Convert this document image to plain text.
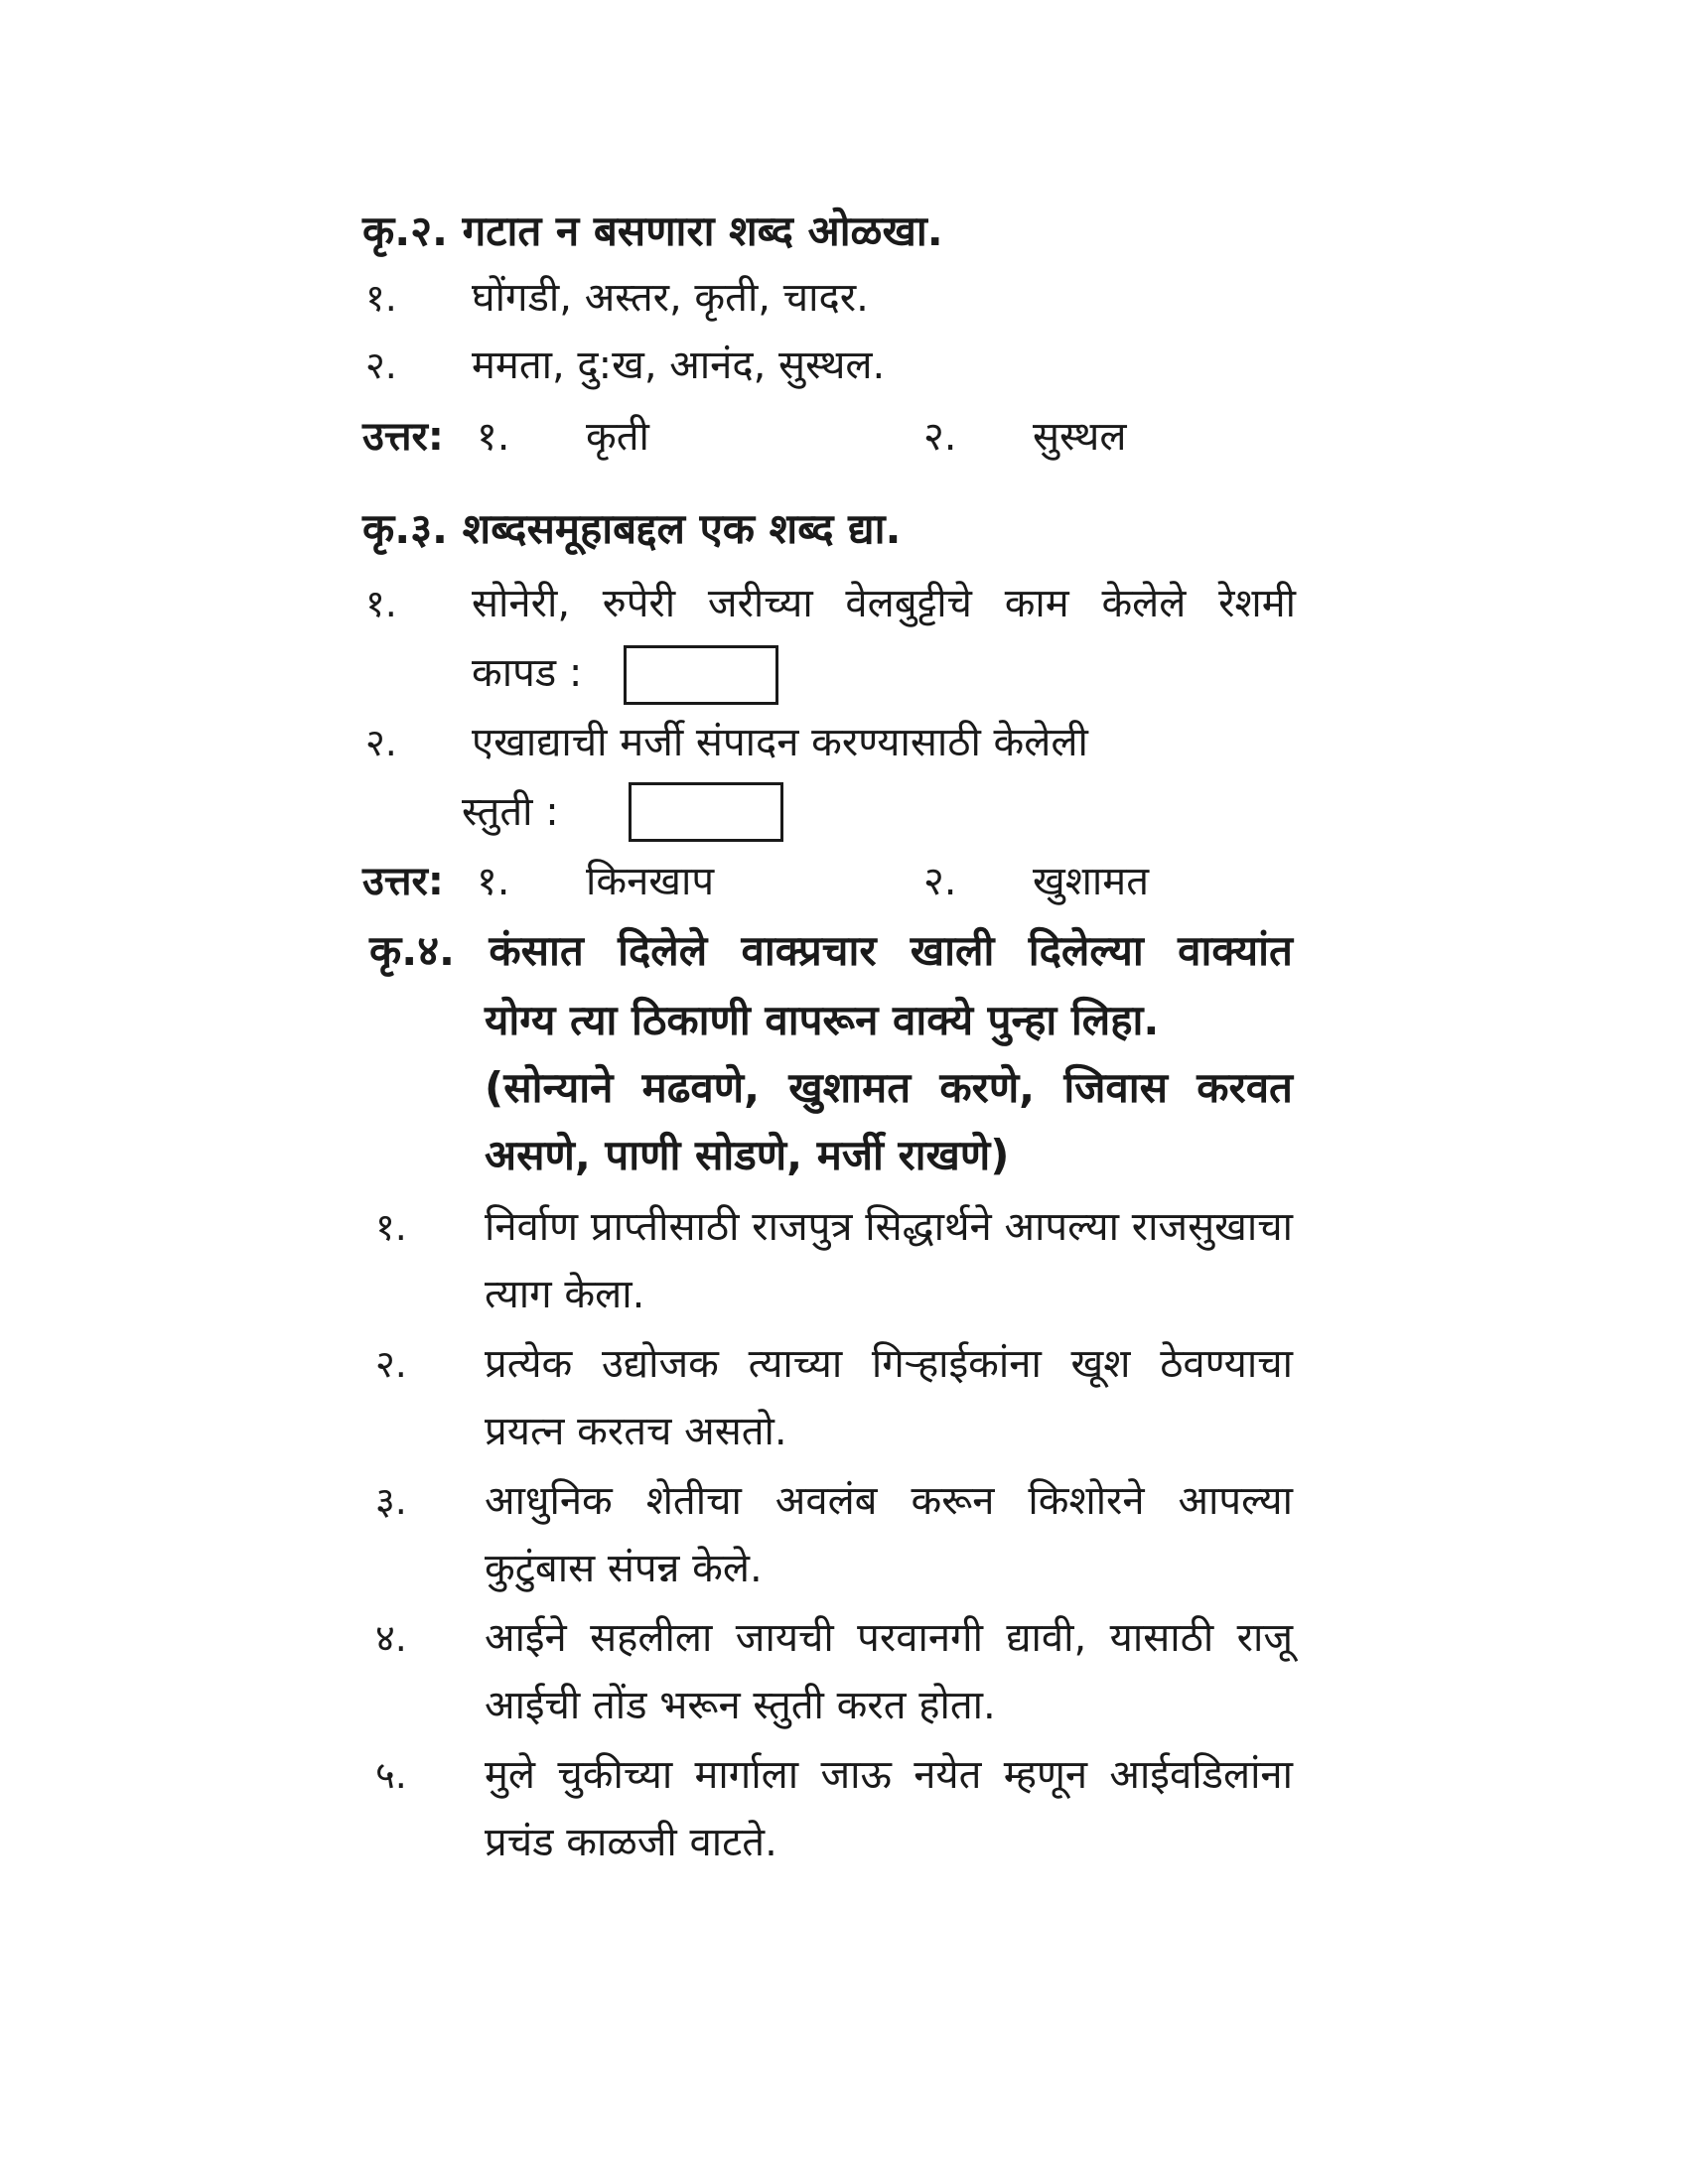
कृ.२. गटात न बसणारा शब्द ओळखा.
१. घोंगडी, अस्तर, कृती, चादर.
२. ममता, दु:ख, आनंद, सुस्थल.
उत्तर: १. कृती	२. सुस्थल
कृ.३. शब्दसमूहाबद्दल एक शब्द द्या.
१. सोनेरी, रुपेरी जरीच्या वेलबुट्टीचे काम केलेले रेशमी
कापड :
२. एखाद्याची मर्जी संपादन करण्यासाठी केलेली
स्तुती :
उत्तर: १. किनखाप	२. खुशामत
कृ.४. कंसात दिलेले वाक्प्रचार खाली दिलेल्या वाक्यांत
योग्य त्या ठिकाणी वापरून वाक्ये पुन्हा लिहा.
(सोन्याने मढवणे, खुशामत करणे, जिवास करवत
असणे, पाणी सोडणे, मर्जी राखणे)
१. निर्वाण प्राप्तीसाठी राजपुत्र सिद्धार्थने आपल्या राजसुखाचा
त्याग केला.
२. प्रत्येक उद्योजक त्याच्या गिऱ्हाईकांना खूश ठेवण्याचा
प्रयत्न करतच असतो.
३. आधुनिक शेतीचा अवलंब करून किशोरने आपल्या
कुटुंबास संपन्न केले.
४. आईने सहलीला जायची परवानगी द्यावी, यासाठी राजू
आईची तोंड भरून स्तुती करत होता.
५. मुले चुकीच्या मार्गाला जाऊ नयेत म्हणून आईवडिलांना
प्रचंड काळजी वाटते.
